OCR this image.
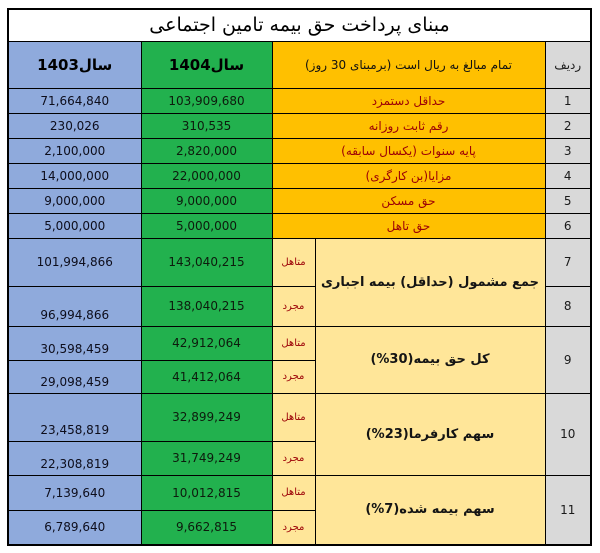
مبنای پرداخت حق بیمه تامین اجتماعی				
ردیف	تمام مبالغ به ریال است (برمبنای 30 روز)		سال1404	سال1403
1	حداقل دستمزد		103,909,680	71,664,840
2	رقم ثابت روزانه		310,535	230,026
3	پایه سنوات (یکسال سابقه)		2,820,000	2,100,000
4	مزایا(بن کارگری)		22,000,000	14,000,000
5	حق مسکن		9,000,000	9,000,000
6	حق تاهل		5,000,000	5,000,000
7	جمع مشمول (حداقل) بیمه اجباری	متاهل	143,040,215	101,994,866
8		مجرد	138,040,215	96,994,866
9	کل حق بیمه(30%)	متاهل	42,912,064	30,598,459
		مجرد	41,412,064	29,098,459
10	سهم کارفرما(23%)	متاهل	32,899,249	23,458,819
		مجرد	31,749,249	22,308,819
11	سهم بیمه شده(7%)	متاهل	10,012,815	7,139,640
		مجرد	9,662,815	6,789,640
